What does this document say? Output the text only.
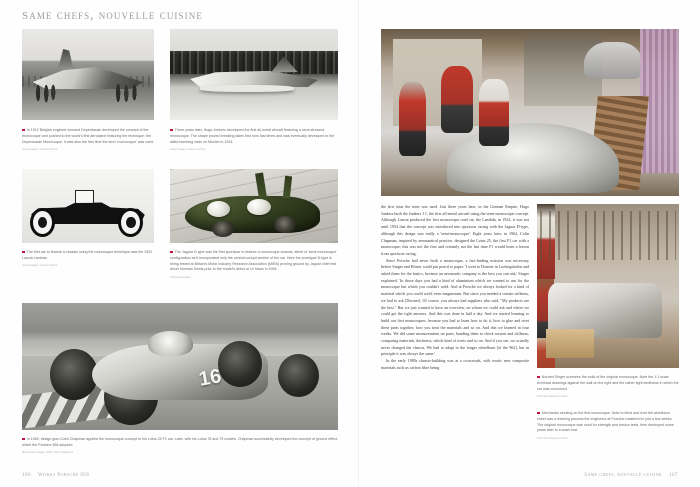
same chefs, nouvelle cuisine

In 1912 Belgian engineer Armand Deperdussin developed the concept of the monocoque and pushed to the world's first aeroplane featuring the technique: the Deperdussin Monocoque. It was also the first time the term 'monocoque' was used.

Getty Images / Hulton Archive

Three years later, Hugo Junkers developed the first all-metal aircraft featuring a semi-stressed monocoque. The shape proved breaking takes first runs fast times and was eventually developed in the allied bombing raids on Munich in 1944.

Getty Images / Hulton Archive

The first car to feature a chassis using the monocoque technique was the 1922 Lancia Lambda.

Getty Images / Hulton Archive

The Jaguar D-type was the first sportscar to feature a monocoque chassis, albeit of 'semi-monocoque' configuration as it incorporated only the central cockpit section of the car. Here the prototype D-type is being tested at Britain's Motor Industry Research Association (MIRA) proving ground by Jaguar chief test driver Norman Dewis prior to the model's debut at Le Mans in 1954.

Press Association
16

In 1962, design guru Colin Chapman applied the monocoque concept to his Lotus 25 F1 car. Later, with his Lotus 78 and 79 models, Chapman successfully developed the concept of ground effect, which the Porsche 956 adopted.

Motorsport Images / Motor Sport Magazine
166 Works Porsche 956

the first time the term was used. Just three years later, in the German Empire, Hugo Junkers built the Junkers J 1, the first all-metal aircraft using the semi-monocoque concept. Although Lancia produced the first monocoque road car, the Lambda, in 1922, it was not until 1954 that the concept was introduced into sportscar racing with the Jaguar D-type, although this design was really a 'semi-monocoque'. Eight years later, in 1962, Colin Chapman, inspired by aeronautical practice, designed the Lotus 25, the first F1 car with a monocoque; this was not the first and certainly not the last time F1 would learn a lesson from sportscar racing.

Since Porsche had never built a monocoque, a fact-finding mission was necessary before Singer and Bötzer could put pencil to paper. 'I went to Dornier in Ludwigshafen and asked them for the basics, because an aeronautic company is the best you can ask,' Singer explained. 'In those days you had a kind of aluminium which we wanted to use for the monocoque but which you couldn't weld. And at Porsche we always looked for a kind of material which you could weld, even magnesium. But since you needed a certain stiffness, we had to ask [Dornier]. Of course, you always had suppliers who said, "My products are the best." But we just wanted to have an overview, on whom we could ask and where we could get the right answers. And this was done in half a day. And we started learning to build our first monocoques, because you had to learn how to do it, how to glue and rivet these parts together, how you treat the materials and so on. And this we learned in four weeks. We did some measurements on parts, bonding them to check torsion and stiffness, comparing materials, thickness, which kind of rivets and so on. And if you see, we actually never changed the chassis. We had to adapt to the longer wheelbase [of the 962], but in principle it was always the same.'

In the early 1980s chassis-building was at a crossroads, with exotic new composite materials such as carbon fibre being

Norbert Singer oversees the build of the original monocoque. Note the 1:1 scale technical drawings against the wall on the right and the rather tight bedframe in which the car was conceived.

Porsche Museum Archive

Mechanics working on the first monocoque. Note to blind and rivet the aluminium sheet was a learning process the engineers at Porsche mastered in just a few weeks. The original monocoque was used for strength and torsion tests, then destroyed some years later in a crash test.

Porsche Museum Archive
Same chefs, nouvelle cuisine 167
